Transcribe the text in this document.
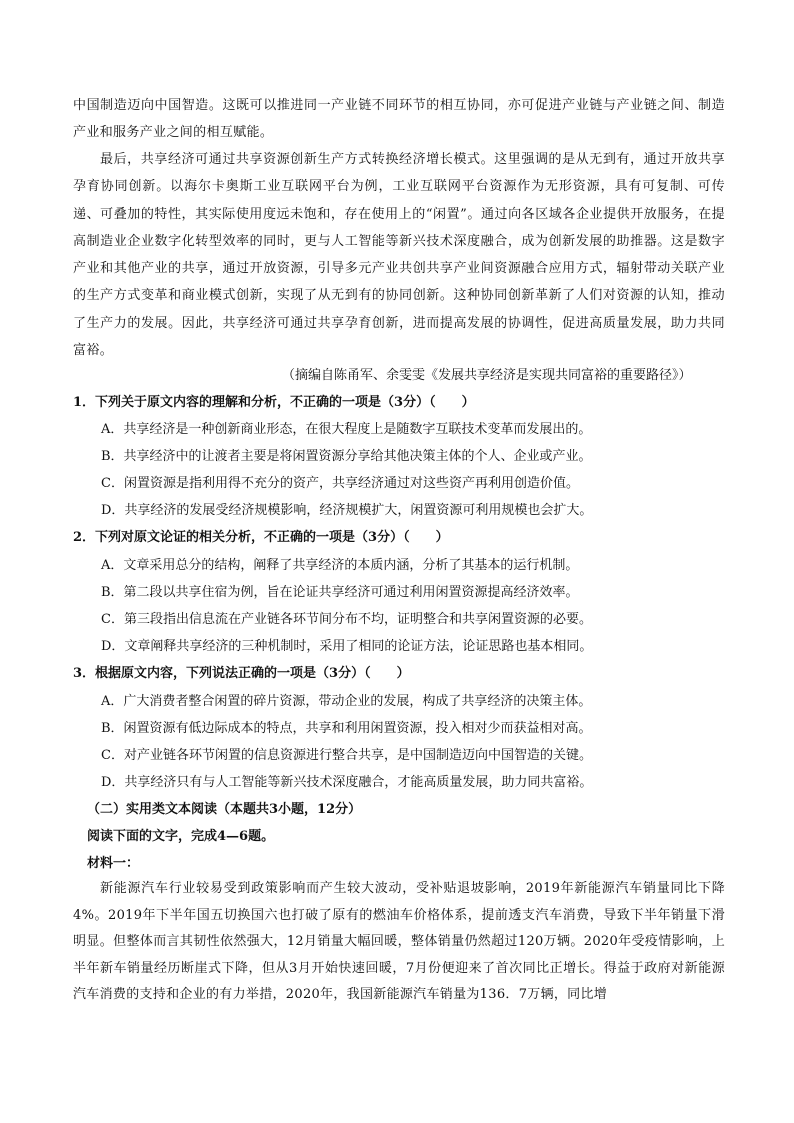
中国制造迈向中国智造。这既可以推进同一产业链不同环节的相互协同，亦可促进产业链与产业链之间、制造产业和服务产业之间的相互赋能。
最后，共享经济可通过共享资源创新生产方式转换经济增长模式。这里强调的是从无到有，通过开放共享孕育协同创新。以海尔卡奥斯工业互联网平台为例，工业互联网平台资源作为无形资源，具有可复制、可传递、可叠加的特性，其实际使用度远未饱和，存在使用上的“闲置”。通过向各区域各企业提供开放服务，在提高制造业企业数字化转型效率的同时，更与人工智能等新兴技术深度融合，成为创新发展的助推器。这是数字产业和其他产业的共享，通过开放资源，引导多元产业共创共享产业间资源融合应用方式，辐射带动关联产业的生产方式变革和商业模式创新，实现了从无到有的协同创新。这种协同创新革新了人们对资源的认知，推动了生产力的发展。因此，共享经济可通过共享孕育创新，进而提高发展的协调性，促进高质量发展，助力共同富裕。
（摘编自陈甬军、余雯雯《发展共享经济是实现共同富裕的重要路径》）
1．下列关于原文内容的理解和分析，不正确的一项是（3分）（　　）
A．共享经济是一种创新商业形态，在很大程度上是随数字互联技术变革而发展出的。
B．共享经济中的让渡者主要是将闲置资源分享给其他决策主体的个人、企业或产业。
C．闲置资源是指利用得不充分的资产，共享经济通过对这些资产再利用创造价值。
D．共享经济的发展受经济规模影响，经济规模扩大，闲置资源可利用规模也会扩大。
2．下列对原文论证的相关分析，不正确的一项是（3分）（　　）
A．文章采用总分的结构，阐释了共享经济的本质内涵，分析了其基本的运行机制。
B．第二段以共享住宿为例，旨在论证共享经济可通过利用闲置资源提高经济效率。
C．第三段指出信息流在产业链各环节间分布不均，证明整合和共享闲置资源的必要。
D．文章阐释共享经济的三种机制时，采用了相同的论证方法，论证思路也基本相同。
3．根据原文内容，下列说法正确的一项是（3分）（　　）
A．广大消费者整合闲置的碎片资源，带动企业的发展，构成了共享经济的决策主体。
B．闲置资源有低边际成本的特点，共享和利用闲置资源，投入相对少而获益相对高。
C．对产业链各环节闲置的信息资源进行整合共享，是中国制造迈向中国智造的关键。
D．共享经济只有与人工智能等新兴技术深度融合，才能高质量发展，助力同共富裕。
（二）实用类文本阅读（本题共3小题，12分）
阅读下面的文字，完成4—6题。
材料一：
新能源汽车行业较易受到政策影响而产生较大波动，受补贴退坡影响，2019年新能源汽车销量同比下降4%。2019年下半年国五切换国六也打破了原有的燃油车价格体系，提前透支汽车消费，导致下半年销量下滑明显。但整体而言其韧性依然强大，12月销量大幅回暖，整体销量仍然超过120万辆。2020年受疫情影响，上半年新车销量经历断崖式下降，但从3月开始快速回暖，7月份便迎来了首次同比正增长。得益于政府对新能源汽车消费的支持和企业的有力举措，2020年，我国新能源汽车销量为136．7万辆，同比增
